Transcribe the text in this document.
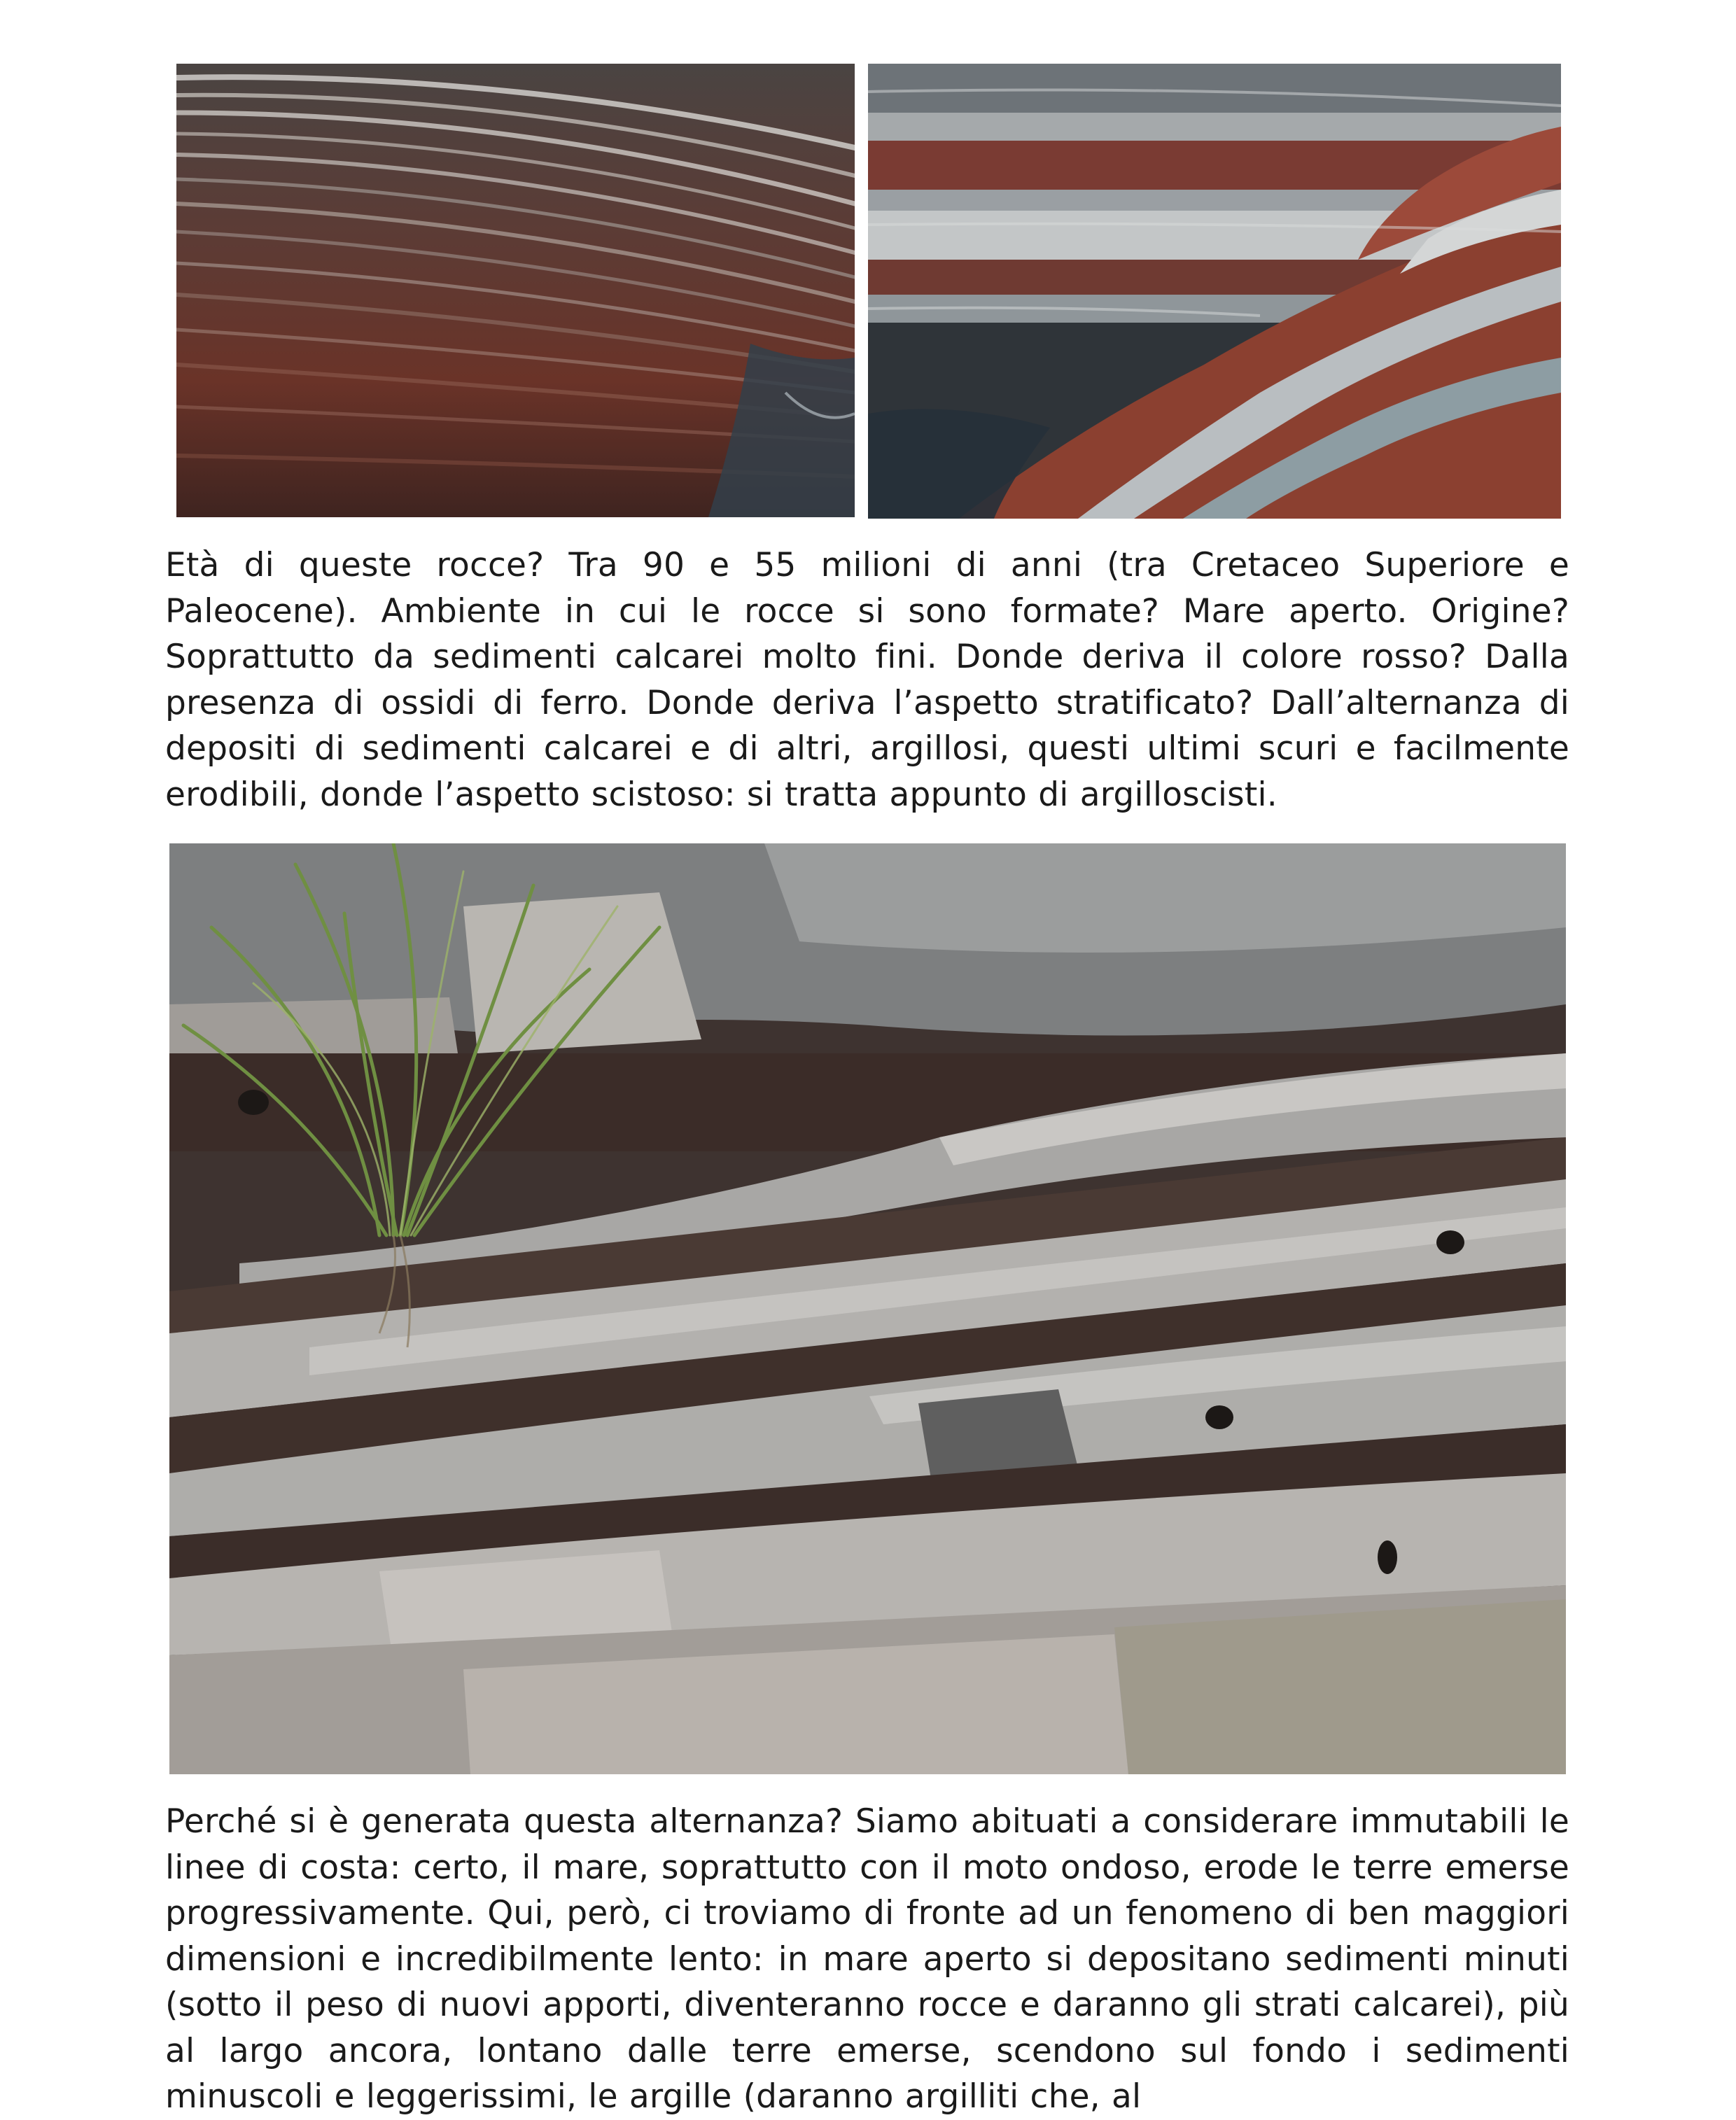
Età di queste rocce? Tra 90 e 55 milioni di anni (tra Cretaceo Superiore e Paleocene). Ambiente in cui le rocce si sono formate? Mare aperto. Origine? Soprattutto da sedimenti calcarei molto fini. Donde deriva il colore rosso? Dalla presenza di ossidi di ferro. Donde deriva l’aspetto stratificato? Dall’alternanza di depositi di sedimenti calcarei e di altri, argillosi, questi ultimi scuri e facilmente erodibili, donde l’aspetto scistoso: si tratta appunto di argilloscisti.

Perché si è generata questa alternanza? Siamo abituati a considerare immutabili le linee di costa: certo, il mare, soprattutto con il moto ondoso, erode le terre emerse progressivamente. Qui, però, ci troviamo di fronte ad un fenomeno di ben maggiori dimensioni e incredibilmente lento: in mare aperto si depositano sedimenti minuti (sotto il peso di nuovi apporti, diventeranno rocce e daranno gli strati calcarei), più al largo ancora, lontano dalle terre emerse, scendono sul fondo i sedimenti minuscoli e leggerissimi, le argille (daranno argilliti che, al
